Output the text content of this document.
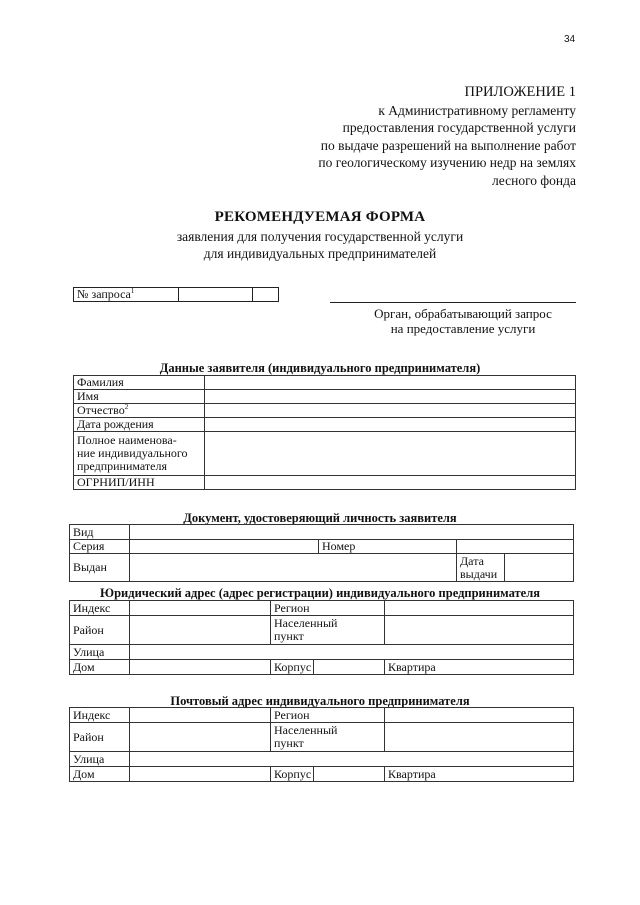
34
ПРИЛОЖЕНИЕ 1
к Административному регламенту
предоставления государственной услуги
по выдаче разрешений на выполнение работ
по геологическому изучению недр на землях
лесного фонда
РЕКОМЕНДУЕМАЯ ФОРМА
заявления для получения государственной услуги
для индивидуальных предпринимателей
№ запроса$^1$
Орган, обрабатывающий запрос
на предоставление услуги
Данные заявителя (индивидуального предпринимателя)
Фамилия	
Имя	
Отчество$^2$	
Дата рождения	

Полное наименова-
ние индивидуального
предпринимателя	

ОГРНИП/ИНН	
Документ, удостоверяющий личность заявителя
Вид				
Серия		Номер		
Выдан			Дата
выдачи	

Юридический адрес (адрес регистрации) индивидуального предпринимателя
Индекс		Регион		
Район		Населенный
пункт		

Улица				
Дом		Корпус		Квартира
Почтовый адрес индивидуального предпринимателя
Индекс		Регион		
Район		Населенный
пункт		

Улица				
Дом		Корпус		Квартира
